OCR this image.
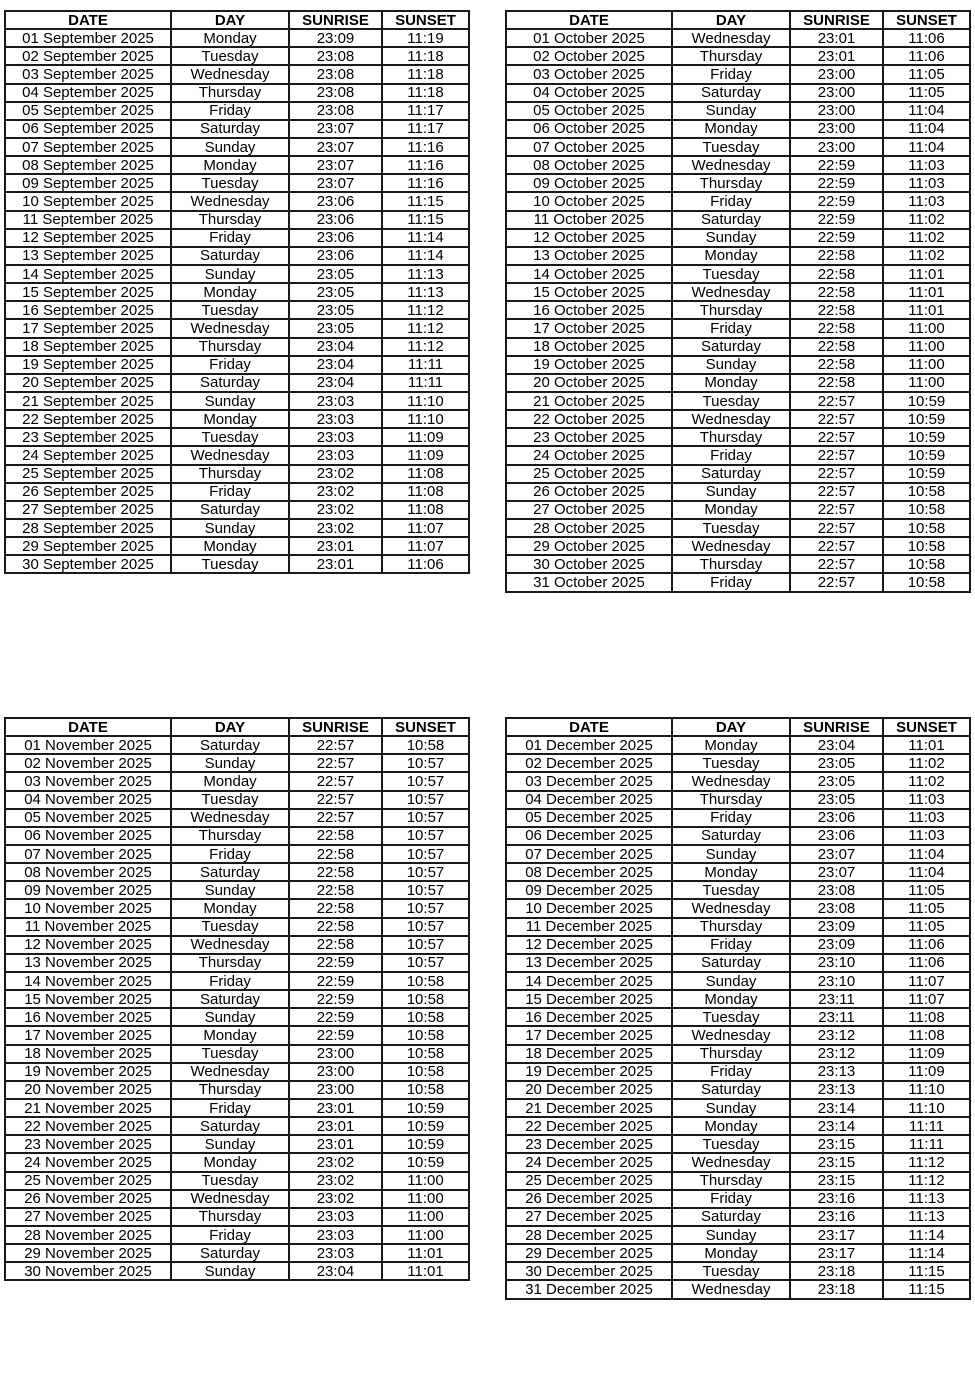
DATE	DAY	SUNRISE	SUNSET
01 September 2025	Monday	23:09	11:19
02 September 2025	Tuesday	23:08	11:18
03 September 2025	Wednesday	23:08	11:18
04 September 2025	Thursday	23:08	11:18
05 September 2025	Friday	23:08	11:17
06 September 2025	Saturday	23:07	11:17
07 September 2025	Sunday	23:07	11:16
08 September 2025	Monday	23:07	11:16
09 September 2025	Tuesday	23:07	11:16
10 September 2025	Wednesday	23:06	11:15
11 September 2025	Thursday	23:06	11:15
12 September 2025	Friday	23:06	11:14
13 September 2025	Saturday	23:06	11:14
14 September 2025	Sunday	23:05	11:13
15 September 2025	Monday	23:05	11:13
16 September 2025	Tuesday	23:05	11:12
17 September 2025	Wednesday	23:05	11:12
18 September 2025	Thursday	23:04	11:12
19 September 2025	Friday	23:04	11:11
20 September 2025	Saturday	23:04	11:11
21 September 2025	Sunday	23:03	11:10
22 September 2025	Monday	23:03	11:10
23 September 2025	Tuesday	23:03	11:09
24 September 2025	Wednesday	23:03	11:09
25 September 2025	Thursday	23:02	11:08
26 September 2025	Friday	23:02	11:08
27 September 2025	Saturday	23:02	11:08
28 September 2025	Sunday	23:02	11:07
29 September 2025	Monday	23:01	11:07
30 September 2025	Tuesday	23:01	11:06
DATE	DAY	SUNRISE	SUNSET
01 October 2025	Wednesday	23:01	11:06
02 October 2025	Thursday	23:01	11:06
03 October 2025	Friday	23:00	11:05
04 October 2025	Saturday	23:00	11:05
05 October 2025	Sunday	23:00	11:04
06 October 2025	Monday	23:00	11:04
07 October 2025	Tuesday	23:00	11:04
08 October 2025	Wednesday	22:59	11:03
09 October 2025	Thursday	22:59	11:03
10 October 2025	Friday	22:59	11:03
11 October 2025	Saturday	22:59	11:02
12 October 2025	Sunday	22:59	11:02
13 October 2025	Monday	22:58	11:02
14 October 2025	Tuesday	22:58	11:01
15 October 2025	Wednesday	22:58	11:01
16 October 2025	Thursday	22:58	11:01
17 October 2025	Friday	22:58	11:00
18 October 2025	Saturday	22:58	11:00
19 October 2025	Sunday	22:58	11:00
20 October 2025	Monday	22:58	11:00
21 October 2025	Tuesday	22:57	10:59
22 October 2025	Wednesday	22:57	10:59
23 October 2025	Thursday	22:57	10:59
24 October 2025	Friday	22:57	10:59
25 October 2025	Saturday	22:57	10:59
26 October 2025	Sunday	22:57	10:58
27 October 2025	Monday	22:57	10:58
28 October 2025	Tuesday	22:57	10:58
29 October 2025	Wednesday	22:57	10:58
30 October 2025	Thursday	22:57	10:58
31 October 2025	Friday	22:57	10:58
DATE	DAY	SUNRISE	SUNSET
01 November 2025	Saturday	22:57	10:58
02 November 2025	Sunday	22:57	10:57
03 November 2025	Monday	22:57	10:57
04 November 2025	Tuesday	22:57	10:57
05 November 2025	Wednesday	22:57	10:57
06 November 2025	Thursday	22:58	10:57
07 November 2025	Friday	22:58	10:57
08 November 2025	Saturday	22:58	10:57
09 November 2025	Sunday	22:58	10:57
10 November 2025	Monday	22:58	10:57
11 November 2025	Tuesday	22:58	10:57
12 November 2025	Wednesday	22:58	10:57
13 November 2025	Thursday	22:59	10:57
14 November 2025	Friday	22:59	10:58
15 November 2025	Saturday	22:59	10:58
16 November 2025	Sunday	22:59	10:58
17 November 2025	Monday	22:59	10:58
18 November 2025	Tuesday	23:00	10:58
19 November 2025	Wednesday	23:00	10:58
20 November 2025	Thursday	23:00	10:58
21 November 2025	Friday	23:01	10:59
22 November 2025	Saturday	23:01	10:59
23 November 2025	Sunday	23:01	10:59
24 November 2025	Monday	23:02	10:59
25 November 2025	Tuesday	23:02	11:00
26 November 2025	Wednesday	23:02	11:00
27 November 2025	Thursday	23:03	11:00
28 November 2025	Friday	23:03	11:00
29 November 2025	Saturday	23:03	11:01
30 November 2025	Sunday	23:04	11:01
DATE	DAY	SUNRISE	SUNSET
01 December 2025	Monday	23:04	11:01
02 December 2025	Tuesday	23:05	11:02
03 December 2025	Wednesday	23:05	11:02
04 December 2025	Thursday	23:05	11:03
05 December 2025	Friday	23:06	11:03
06 December 2025	Saturday	23:06	11:03
07 December 2025	Sunday	23:07	11:04
08 December 2025	Monday	23:07	11:04
09 December 2025	Tuesday	23:08	11:05
10 December 2025	Wednesday	23:08	11:05
11 December 2025	Thursday	23:09	11:05
12 December 2025	Friday	23:09	11:06
13 December 2025	Saturday	23:10	11:06
14 December 2025	Sunday	23:10	11:07
15 December 2025	Monday	23:11	11:07
16 December 2025	Tuesday	23:11	11:08
17 December 2025	Wednesday	23:12	11:08
18 December 2025	Thursday	23:12	11:09
19 December 2025	Friday	23:13	11:09
20 December 2025	Saturday	23:13	11:10
21 December 2025	Sunday	23:14	11:10
22 December 2025	Monday	23:14	11:11
23 December 2025	Tuesday	23:15	11:11
24 December 2025	Wednesday	23:15	11:12
25 December 2025	Thursday	23:15	11:12
26 December 2025	Friday	23:16	11:13
27 December 2025	Saturday	23:16	11:13
28 December 2025	Sunday	23:17	11:14
29 December 2025	Monday	23:17	11:14
30 December 2025	Tuesday	23:18	11:15
31 December 2025	Wednesday	23:18	11:15
